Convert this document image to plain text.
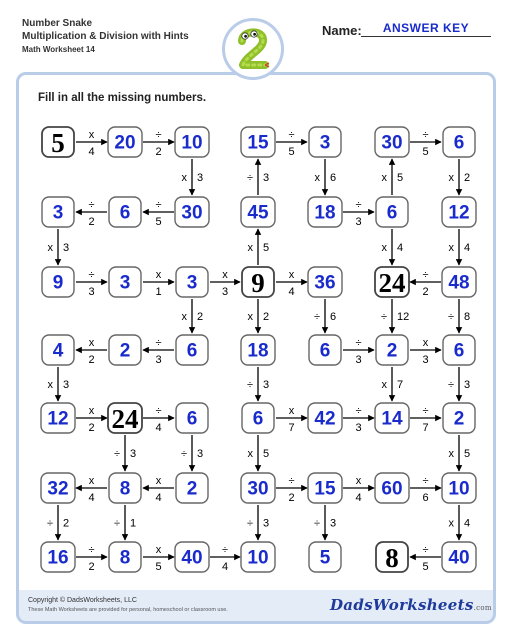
Number Snake
Multiplication & Division with Hints
Math Worksheet 14
Name:	ANSWER KEY
Fill in all the missing numbers.
5	20 10 15	3	30	6
3	6	30 45 18	6	12
9	3	3 9	36 24 48
4	2	6	18	6	2	6
12 24	6	6	42 14	2
32	8	2	30 15 60 10
16	8	40 10	5 8	40
x
4
÷
2
÷
5
÷
5
÷
2
÷
5
÷
3
÷
3
x
1
x
3
x
4
÷
2
x
2
÷
3
÷
3
x
3
x
2
÷
4
x
7
÷
3
÷
7
x
4
x
4
÷
2
x
4
÷
6
÷
2
x
5
÷
4
÷
5
x 3	÷ 3	x 6	x 5	x 2
x 3	x 5	x 4	x 4
x 2	x 2	÷ 6	÷ 12	÷ 8
x 3	÷ 3	x 7	÷ 3
÷ 3	÷ 3	x 5	x 5
÷ 2	÷ 1	÷ 3	÷ 3	x 4
Copyright © DadsWorksheets, LLC
These Math Worksheets are provided for personal, homeschool or classroom use.	DadsWorksheets.com
